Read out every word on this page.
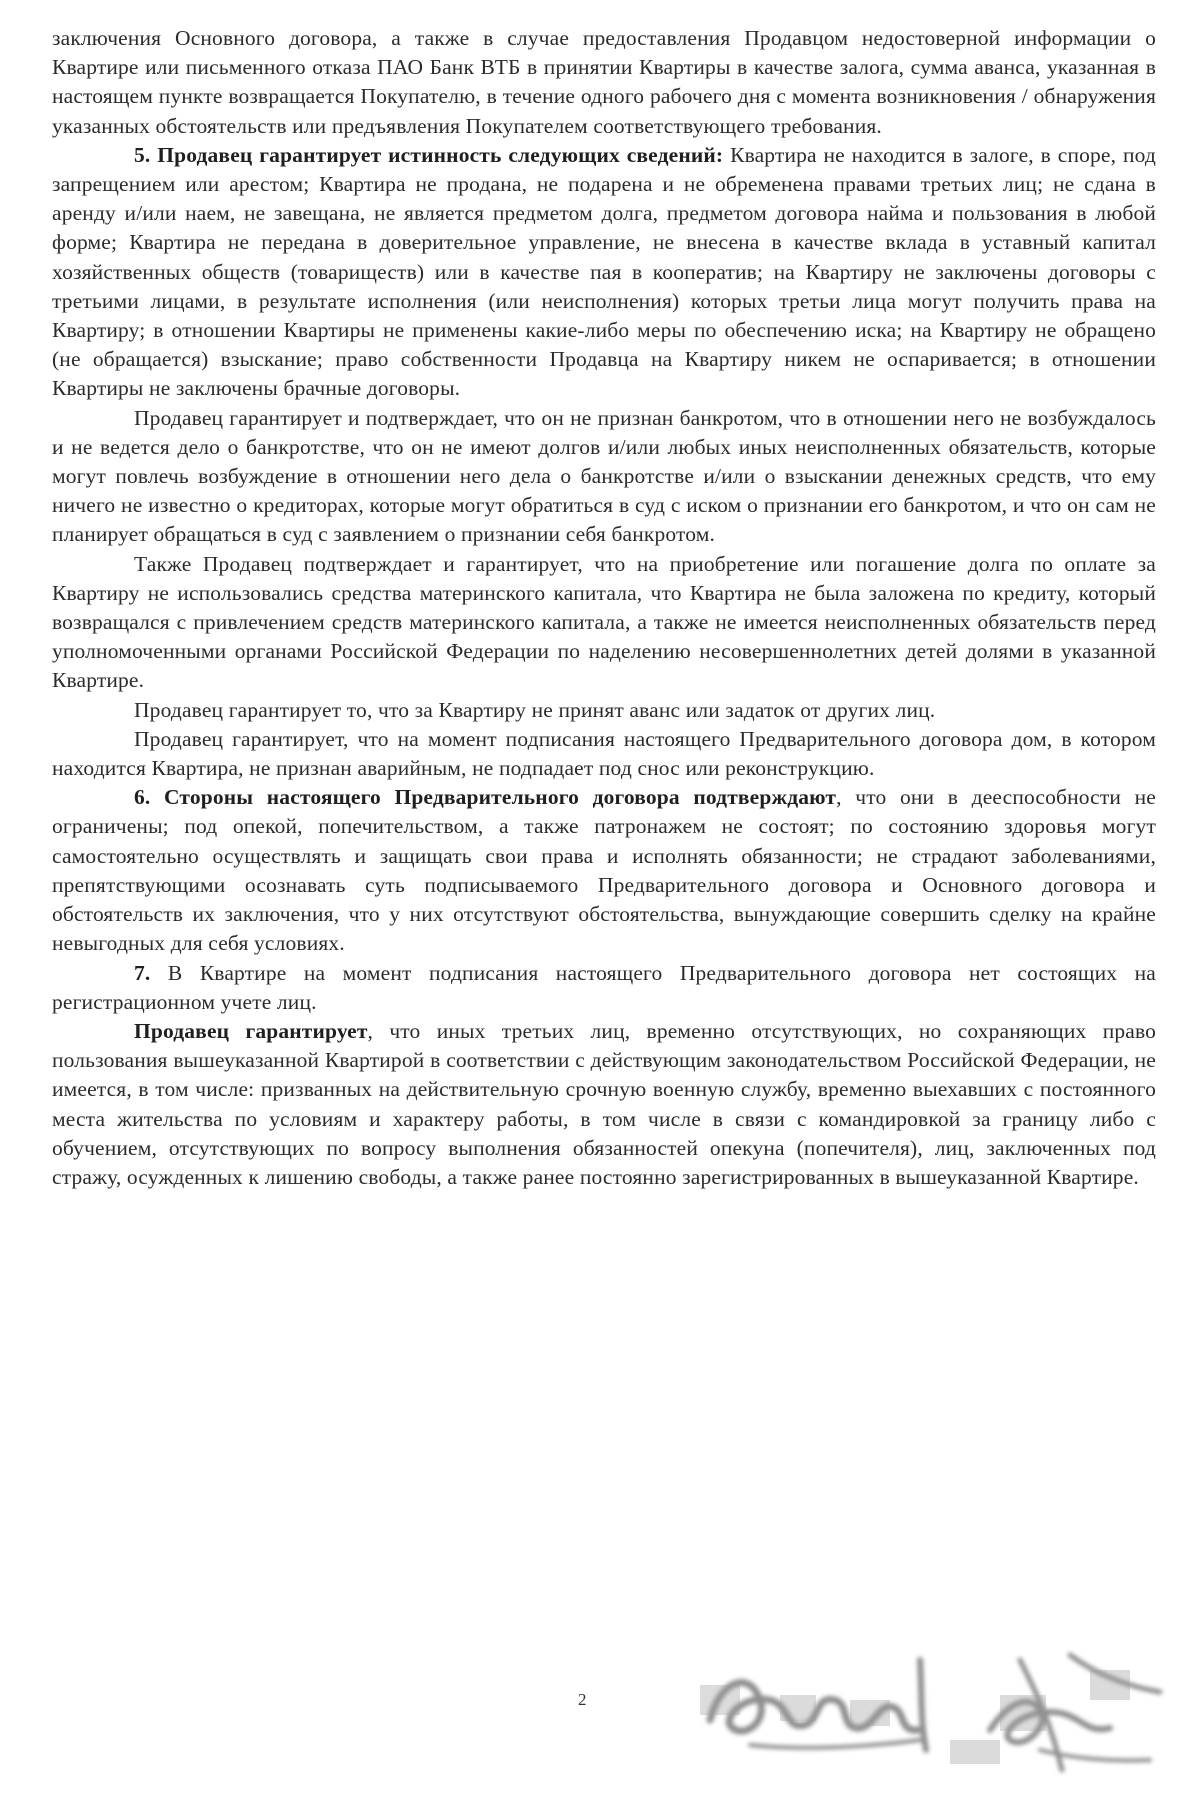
заключения Основного договора, а также в случае предоставления Продавцом недостоверной информации о Квартире или письменного отказа ПАО Банк ВТБ в принятии Квартиры в качестве залога, сумма аванса, указанная в настоящем пункте возвращается Покупателю, в течение одного рабочего дня с момента возникновения / обнаружения указанных обстоятельств или предъявления Покупателем соответствующего требования.

5. Продавец гарантирует истинность следующих сведений: Квартира не находится в залоге, в споре, под запрещением или арестом; Квартира не продана, не подарена и не обременена правами третьих лиц; не сдана в аренду и/или наем, не завещана, не является предметом долга, предметом договора найма и пользования в любой форме; Квартира не передана в доверительное управление, не внесена в качестве вклада в уставный капитал хозяйственных обществ (товариществ) или в качестве пая в кооператив; на Квартиру не заключены договоры с третьими лицами, в результате исполнения (или неисполнения) которых третьи лица могут получить права на Квартиру; в отношении Квартиры не применены какие-либо меры по обеспечению иска; на Квартиру не обращено (не обращается) взыскание; право собственности Продавца на Квартиру никем не оспаривается; в отношении Квартиры не заключены брачные договоры.

Продавец гарантирует и подтверждает, что он не признан банкротом, что в отношении него не возбуждалось и не ведется дело о банкротстве, что он не имеют долгов и/или любых иных неисполненных обязательств, которые могут повлечь возбуждение в отношении него дела о банкротстве и/или о взыскании денежных средств, что ему ничего не известно о кредиторах, которые могут обратиться в суд с иском о признании его банкротом, и что он сам не планирует обращаться в суд с заявлением о признании себя банкротом.

Также Продавец подтверждает и гарантирует, что на приобретение или погашение долга по оплате за Квартиру не использовались средства материнского капитала, что Квартира не была заложена по кредиту, который возвращался с привлечением средств материнского капитала, а также не имеется неисполненных обязательств перед уполномоченными органами Российской Федерации по наделению несовершеннолетних детей долями в указанной Квартире.

Продавец гарантирует то, что за Квартиру не принят аванс или задаток от других лиц.

Продавец гарантирует, что на момент подписания настоящего Предварительного договора дом, в котором находится Квартира, не признан аварийным, не подпадает под снос или реконструкцию.

6. Стороны настоящего Предварительного договора подтверждают, что они в дееспособности не ограничены; под опекой, попечительством, а также патронажем не состоят; по состоянию здоровья могут самостоятельно осуществлять и защищать свои права и исполнять обязанности; не страдают заболеваниями, препятствующими осознавать суть подписываемого Предварительного договора и Основного договора и обстоятельств их заключения, что у них отсутствуют обстоятельства, вынуждающие совершить сделку на крайне невыгодных для себя условиях.

7. В Квартире на момент подписания настоящего Предварительного договора нет состоящих на регистрационном учете лиц.

Продавец гарантирует, что иных третьих лиц, временно отсутствующих, но сохраняющих право пользования вышеуказанной Квартирой в соответствии с действующим законодательством Российской Федерации, не имеется, в том числе: призванных на действительную срочную военную службу, временно выехавших с постоянного места жительства по условиям и характеру работы, в том числе в связи с командировкой за границу либо с обучением, отсутствующих по вопросу выполнения обязанностей опекуна (попечителя), лиц, заключенных под стражу, осужденных к лишению свободы, а также ранее постоянно зарегистрированных в вышеуказанной Квартире.

2
